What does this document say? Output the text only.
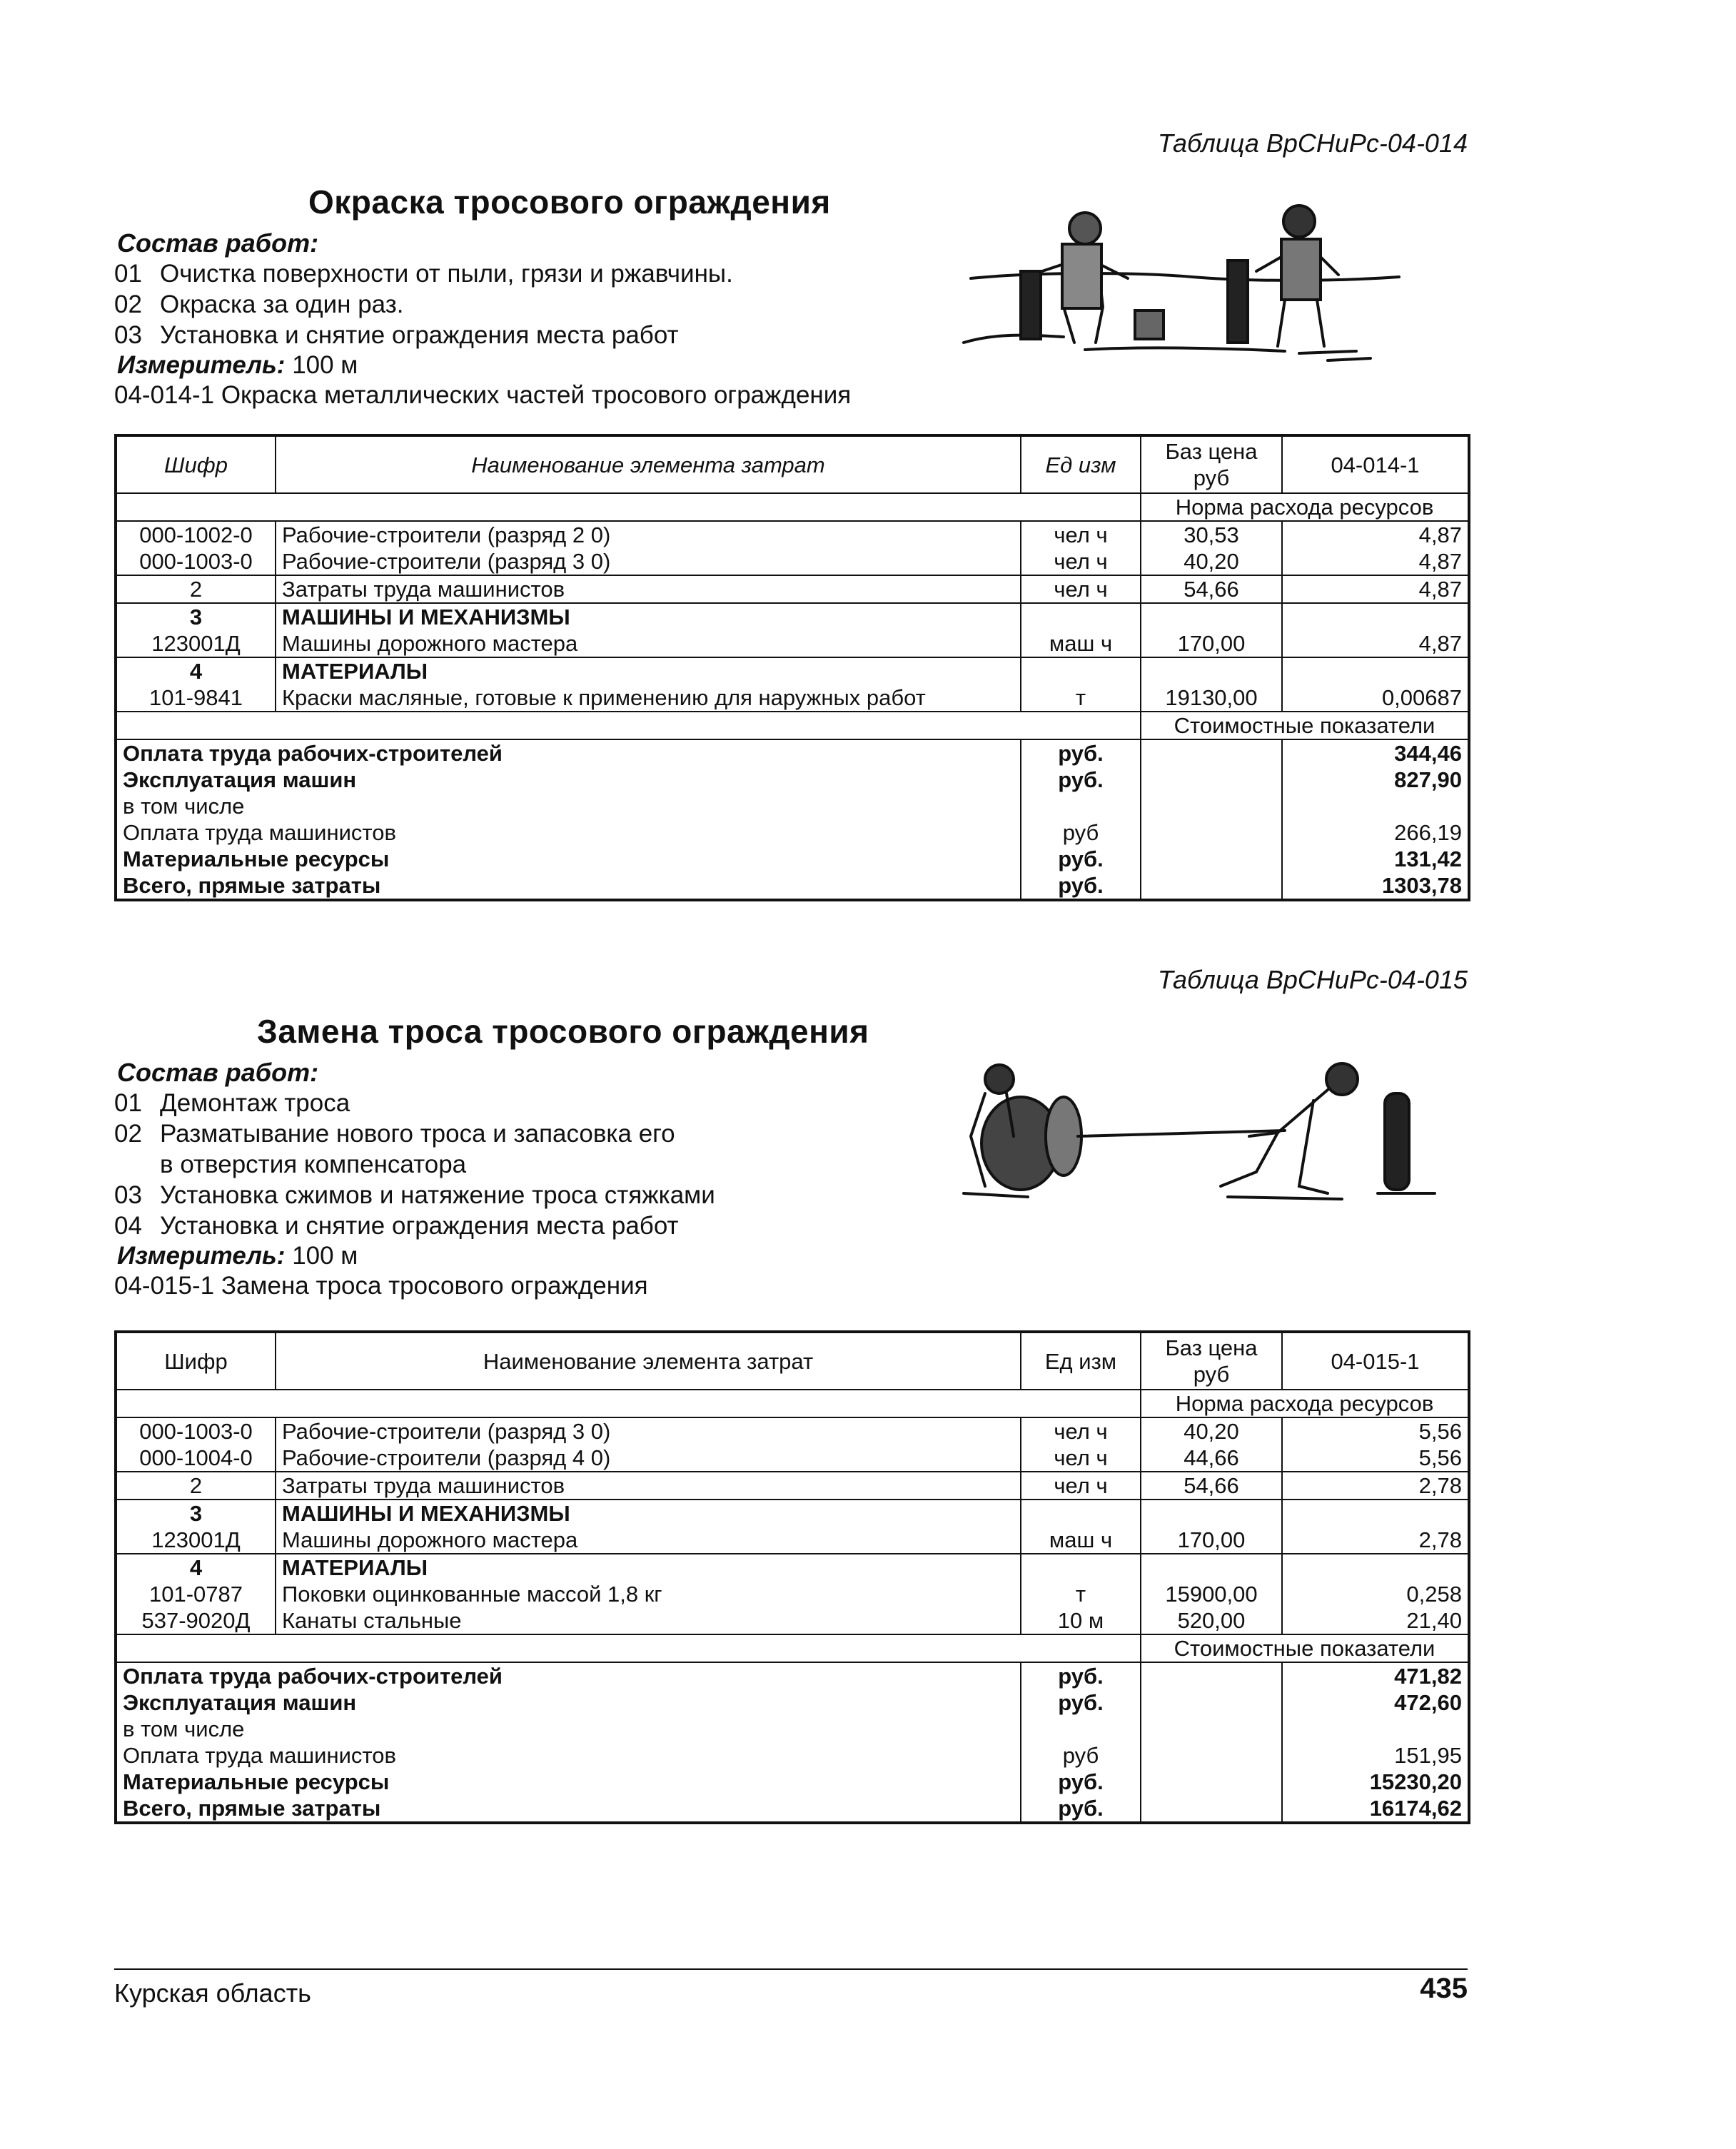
Таблица ВрСНиРс-04-014
Окраска тросового ограждения
Состав работ:
01 Очистка поверхности от пыли, грязи и ржавчины.
02 Окраска за один раз.
03 Установка и снятие ограждения места работ
Измеритель: 100 м
04-014-1 Окраска металлических частей тросового ограждения
Шифр	Наименование элемента затрат	Ед изм	Баз цена руб	04-014-1
			Норма расхода ресурсов	
000-1002-0	Рабочие-строители (разряд 2 0)	чел ч	30,53	4,87
000-1003-0	Рабочие-строители (разряд 3 0)	чел ч	40,20	4,87
2	Затраты труда машинистов	чел ч	54,66	4,87
3	МАШИНЫ И МЕХАНИЗМЫ			
123001Д	Машины дорожного мастера	маш ч	170,00	4,87
4	МАТЕРИАЛЫ			
101-9841	Краски масляные, готовые к применению для наружных работ	т	19130,00	0,00687
			Стоимостные показатели	
Оплата труда рабочих-строителей		руб.		344,46
Эксплуатация машин		руб.		827,90
в том числе				
Оплата труда машинистов		руб		266,19
Материальные ресурсы		руб.		131,42
Всего, прямые затраты		руб.		1303,78
Таблица ВрСНиРс-04-015
Замена троса тросового ограждения
Состав работ:
01 Демонтаж троса
02 Разматывание нового троса и запасовка его
в отверстия компенсатора
03 Установка сжимов и натяжение троса стяжками
04 Установка и снятие ограждения места работ
Измеритель: 100 м
04-015-1 Замена троса тросового ограждения
Шифр	Наименование элемента затрат	Ед изм	Баз цена руб	04-015-1
			Норма расхода ресурсов	
000-1003-0	Рабочие-строители (разряд 3 0)	чел ч	40,20	5,56
000-1004-0	Рабочие-строители (разряд 4 0)	чел ч	44,66	5,56
2	Затраты труда машинистов	чел ч	54,66	2,78
3	МАШИНЫ И МЕХАНИЗМЫ			
123001Д	Машины дорожного мастера	маш ч	170,00	2,78
4	МАТЕРИАЛЫ			
101-0787	Поковки оцинкованные массой 1,8 кг	т	15900,00	0,258
537-9020Д	Канаты стальные	10 м	520,00	21,40
			Стоимостные показатели	
Оплата труда рабочих-строителей		руб.		471,82
Эксплуатация машин		руб.		472,60
в том числе				
Оплата труда машинистов		руб		151,95
Материальные ресурсы		руб.		15230,20
Всего, прямые затраты		руб.		16174,62
Курская область	435
